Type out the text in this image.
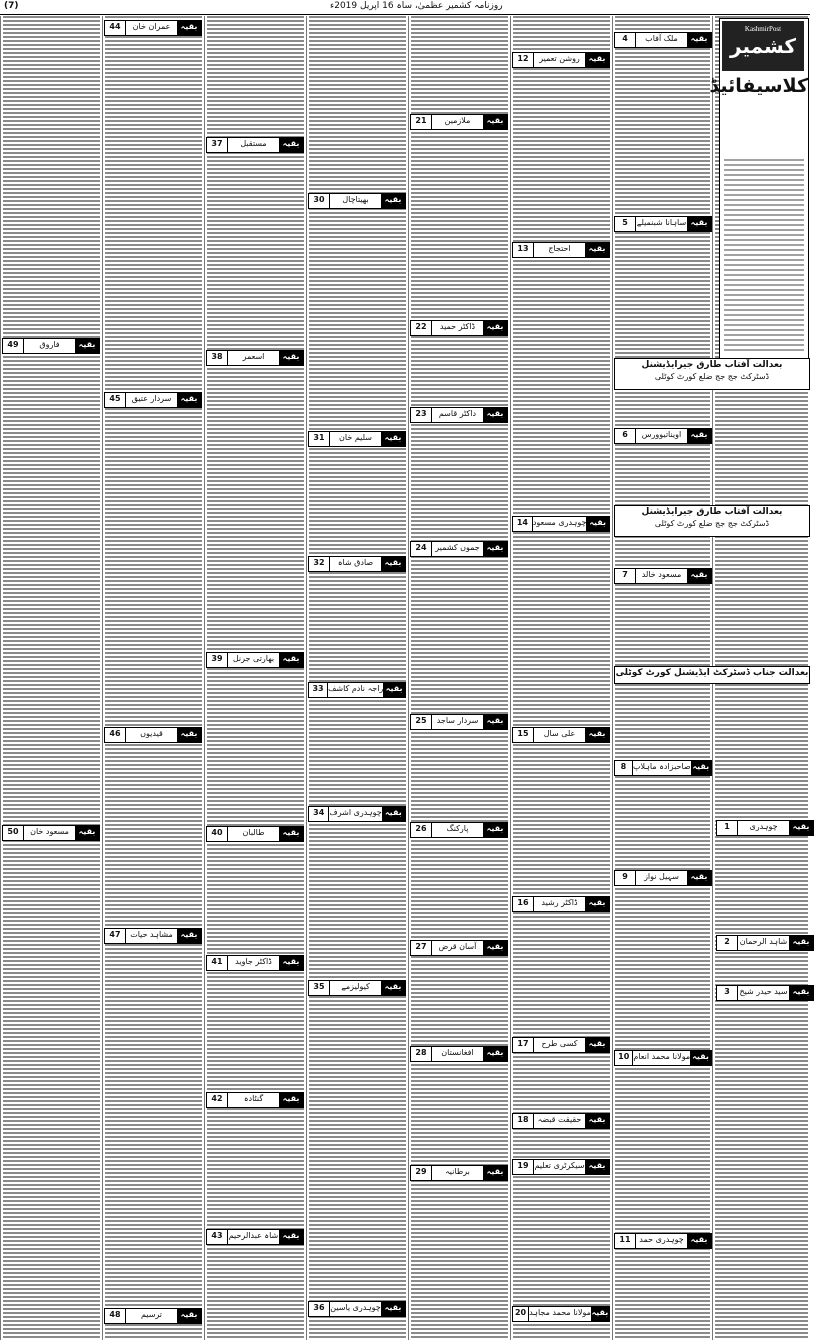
(7)	روزنامہ کشمیر عظمیٰ، ساہ 16 اپریل 2019ء
KashmirPost
کشمیر
کلاسیفائیڈ
بعدالت آفتاب طارق جیرایڈیشنل
ڈسٹرکٹ جج جج ضلع کورٹ کوٹلی
بعدالت آفتاب طارق جیرایڈیشنل
ڈسٹرکٹ جج جج ضلع کورٹ کوٹلی
بعدالت جناب ڈسٹرکٹ ایڈیشنل کورٹ کوٹلی
4	ملک آفاب	بقیہ
5	ساہانا شبنمیلے بقیہ
6	اویناتیوورس	بقیہ
7	مسعود خالد	بقیہ
8 صاحبزادہ ماہلاپ بقیہ
9	سہیل نواز	بقیہ
10 مولانا محمد انعام بقیہ
11	چوہدری حمد بقیہ
1	چوہدری	بقیہ
2	شاہد الرحمان بقیہ
3	سید حیدر شیخ بقیہ
12	روشن تعمیر	بقیہ
13	احتجاج	بقیہ
14 چوہدری مسعود بقیہ
15	علی سال	بقیہ
16	ڈاکٹر رشید	بقیہ
17	کسی طرح	بقیہ
18	حقیقت قبضہ بقیہ
19 سیکرٹری تعلیم بقیہ
20 مولانا محمد مجاہد بقیہ
21	ملازمین	بقیہ
22	ڈاکٹر حمید	بقیہ
23	داکٹر قاسم	بقیہ
24	جموں کشمیر بقیہ
25	سردار ساجد	بقیہ
26	پارکنگ	بقیہ
27	آسان قرض	بقیہ
28	افغانستان	بقیہ
29	برطانیہ	بقیہ
30	بھیتاچال	بقیہ
31	سلیم خان	بقیہ
32	صادق شاہ	بقیہ
33 راجہ نادم کاشف بقیہ
34 چوہدری اشرف بقیہ
35	کیولیزمے	بقیہ
36 چوہدری یاسین بقیہ
37	مستقبل	بقیہ
38	اسعمر	بقیہ
39	بھارتی جرنل	بقیہ
40	طالبان	بقیہ
41	ڈاکٹر جاوید	بقیہ
42	گنٹادہ	بقیہ
43 شاہ عبدالرحیم بقیہ
44	عمران خان	بقیہ
45	سردار عتیق	بقیہ
46	قیدیوں	بقیہ
47	مشاہد حیات بقیہ
48	ترسیم	بقیہ
49	فاروق	بقیہ
50	مسعود خان	بقیہ
